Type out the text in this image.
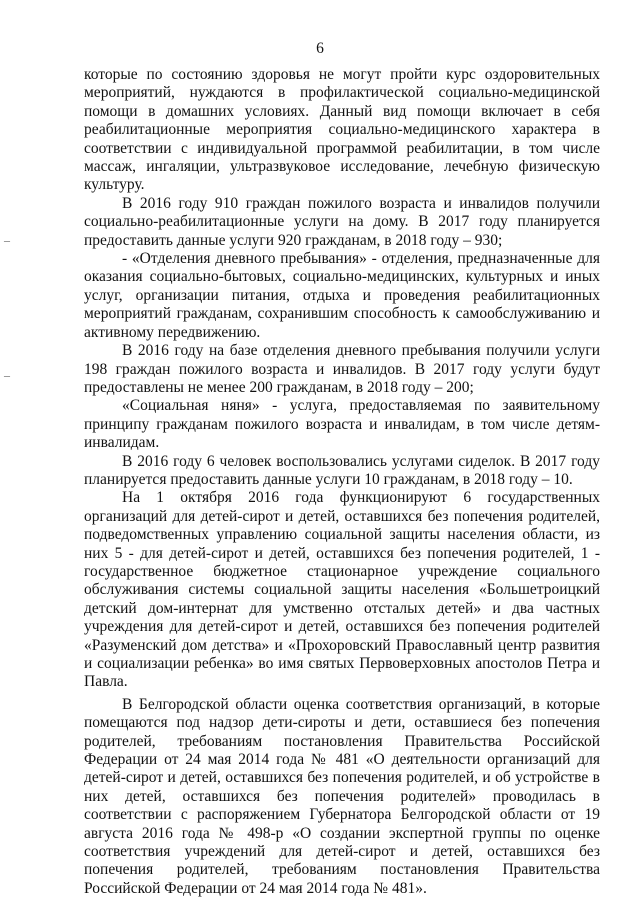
6
–
–

которые по состоянию здоровья не могут пройти курс оздоровительных мероприятий, нуждаются в профилактической социально-медицинской помощи в домашних условиях. Данный вид помощи включает в себя реабилитационные мероприятия социально-медицинского характера в соответствии с индивидуальной программой реабилитации, в том числе массаж, ингаляции, ультразвуковое исследование, лечебную физическую культуру.

В 2016 году 910 граждан пожилого возраста и инвалидов получили социально-реабилитационные услуги на дому. В 2017 году планируется предоставить данные услуги 920 гражданам, в 2018 году – 930;

- «Отделения дневного пребывания» - отделения, предназначенные для оказания социально-бытовых, социально-медицинских, культурных и иных услуг, организации питания, отдыха и проведения реабилитационных мероприятий гражданам, сохранившим способность к самообслуживанию и активному передвижению.

В 2016 году на базе отделения дневного пребывания получили услуги 198 граждан пожилого возраста и инвалидов. В 2017 году услуги будут предоставлены не менее 200 гражданам, в 2018 году – 200;

«Социальная няня» - услуга, предоставляемая по заявительному принципу гражданам пожилого возраста и инвалидам, в том числе детям-инвалидам.

В 2016 году 6 человек воспользовались услугами сиделок. В 2017 году планируется предоставить данные услуги 10 гражданам, в 2018 году – 10.

На 1 октября 2016 года функционируют 6 государственных организаций для детей-сирот и детей, оставшихся без попечения родителей, подведомственных управлению социальной защиты населения области, из них 5 - для детей-сирот и детей, оставшихся без попечения родителей, 1 - государственное бюджетное стационарное учреждение социального обслуживания системы социальной защиты населения «Большетроицкий детский дом-интернат для умственно отсталых детей» и два частных учреждения для детей-сирот и детей, оставшихся без попечения родителей «Разуменский дом детства» и «Прохоровский Православный центр развития и социализации ребенка» во имя святых Первоверховных апостолов Петра и Павла.

В Белгородской области оценка соответствия организаций, в которые помещаются под надзор дети-сироты и дети, оставшиеся без попечения родителей, требованиям постановления Правительства Российской Федерации от 24 мая 2014 года № 481 «О деятельности организаций для детей-сирот и детей, оставшихся без попечения родителей, и об устройстве в них детей, оставшихся без попечения родителей» проводилась в соответствии с распоряжением Губернатора Белгородской области от 19 августа 2016 года № 498-р «О создании экспертной группы по оценке соответствия учреждений для детей-сирот и детей, оставшихся без попечения родителей, требованиям постановления Правительства Российской Федерации от 24 мая 2014 года № 481».
